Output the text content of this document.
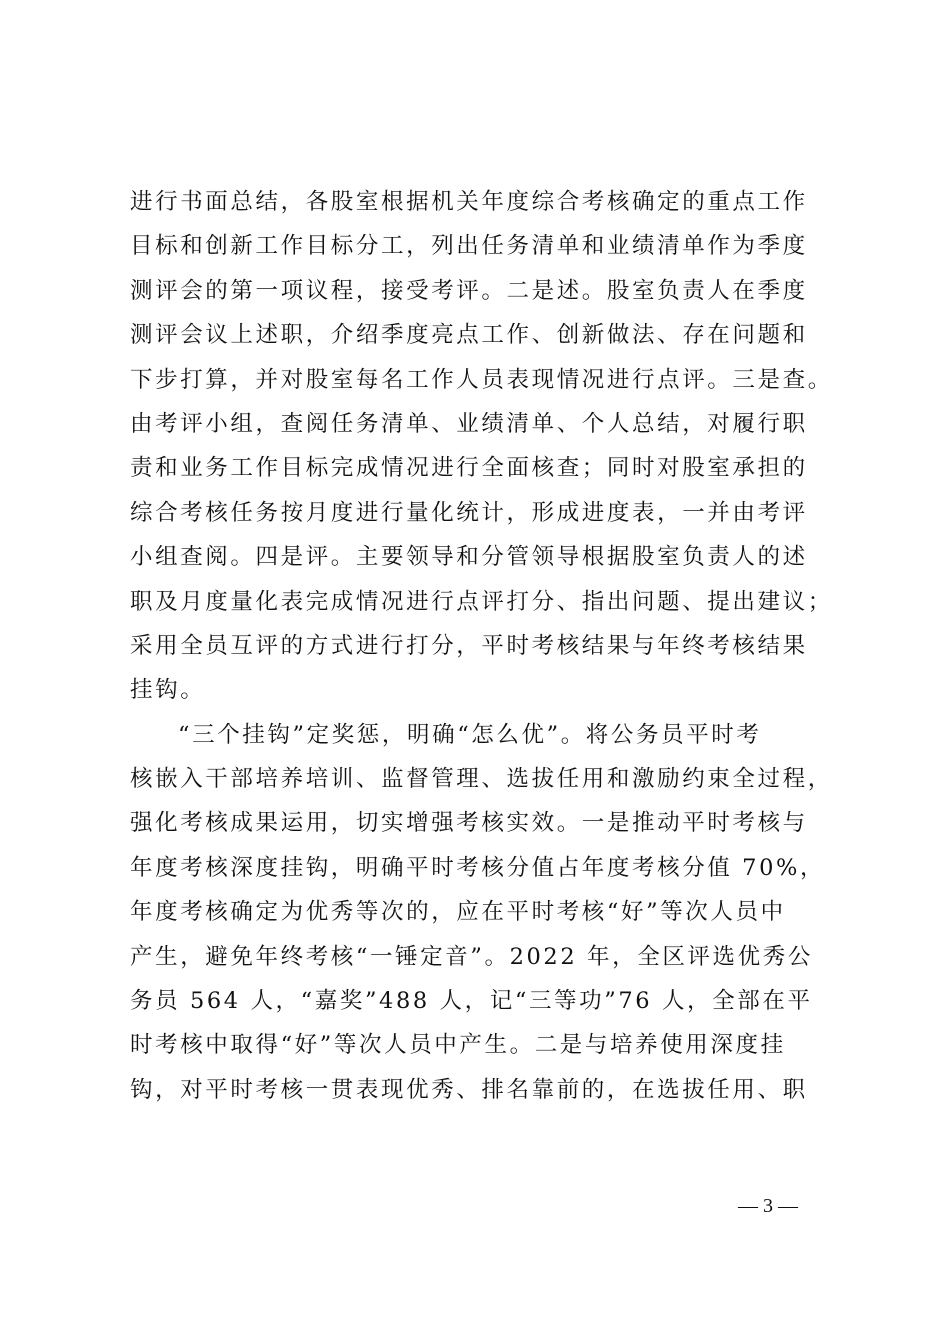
进行书面总结，各股室根据机关年度综合考核确定的重点工作
目标和创新工作目标分工，列出任务清单和业绩清单作为季度
测评会的第一项议程，接受考评。二是述。股室负责人在季度
测评会议上述职，介绍季度亮点工作、创新做法、存在问题和
下步打算，并对股室每名工作人员表现情况进行点评。三是查。
由考评小组，查阅任务清单、业绩清单、个人总结，对履行职
责和业务工作目标完成情况进行全面核查；同时对股室承担的
综合考核任务按月度进行量化统计，形成进度表，一并由考评
小组查阅。四是评。主要领导和分管领导根据股室负责人的述
职及月度量化表完成情况进行点评打分、指出问题、提出建议；
采用全员互评的方式进行打分，平时考核结果与年终考核结果
挂钩。
“三个挂钩”定奖惩，明确“怎么优”。将公务员平时考
核嵌入干部培养培训、监督管理、选拔任用和激励约束全过程，
强化考核成果运用，切实增强考核实效。一是推动平时考核与
年度考核深度挂钩，明确平时考核分值占年度考核分值 70%，
年度考核确定为优秀等次的，应在平时考核“好”等次人员中
产生，避免年终考核“一锤定音”。2022 年，全区评选优秀公
务员 564 人，“嘉奖”488 人，记“三等功”76 人，全部在平
时考核中取得“好”等次人员中产生。二是与培养使用深度挂
钩，对平时考核一贯表现优秀、排名靠前的，在选拔任用、职
— 3 —
